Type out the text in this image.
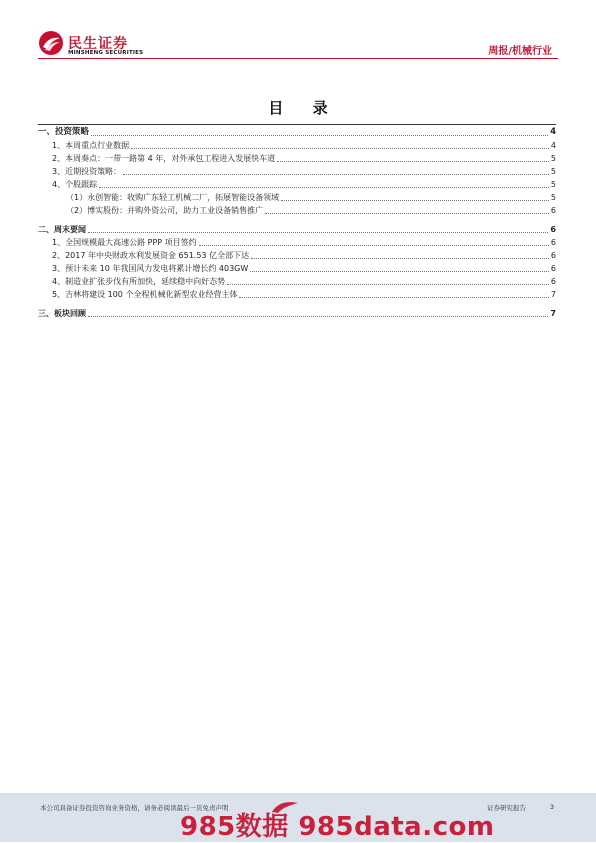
民生证券
MINSHENG SECURITIES	周报/机械行业
目 录
一、投资策略	4
1、本周重点行业数据	4
2、本周奏点：一带一路第 4 年，对外承包工程进入发展快车道	5
3、近期投资策略：	5
4、个股跟踪	5
（1）永创智能：收购广东轻工机械二厂，拓展智能设备领域	5
（2）博实股份：并购外资公司，助力工业设备销售推广	6
二、周末要闻	6
1、全国规模最大高速公路 PPP 项目签约	6
2、2017 年中央财政水利发展资金 651.53 亿全部下达	6
3、预计未来 10 年我国风力发电将累计增长约 403GW	6
4、制造业扩张步伐有所加快，延续稳中向好态势	6
5、吉林将建设 100 个全程机械化新型农业经营主体	7
三、板块回顾	7
本公司具备证券投资咨询业务资格，请务必阅读最后一页免责声明	证券研究报告	3
985数据 985data.com
